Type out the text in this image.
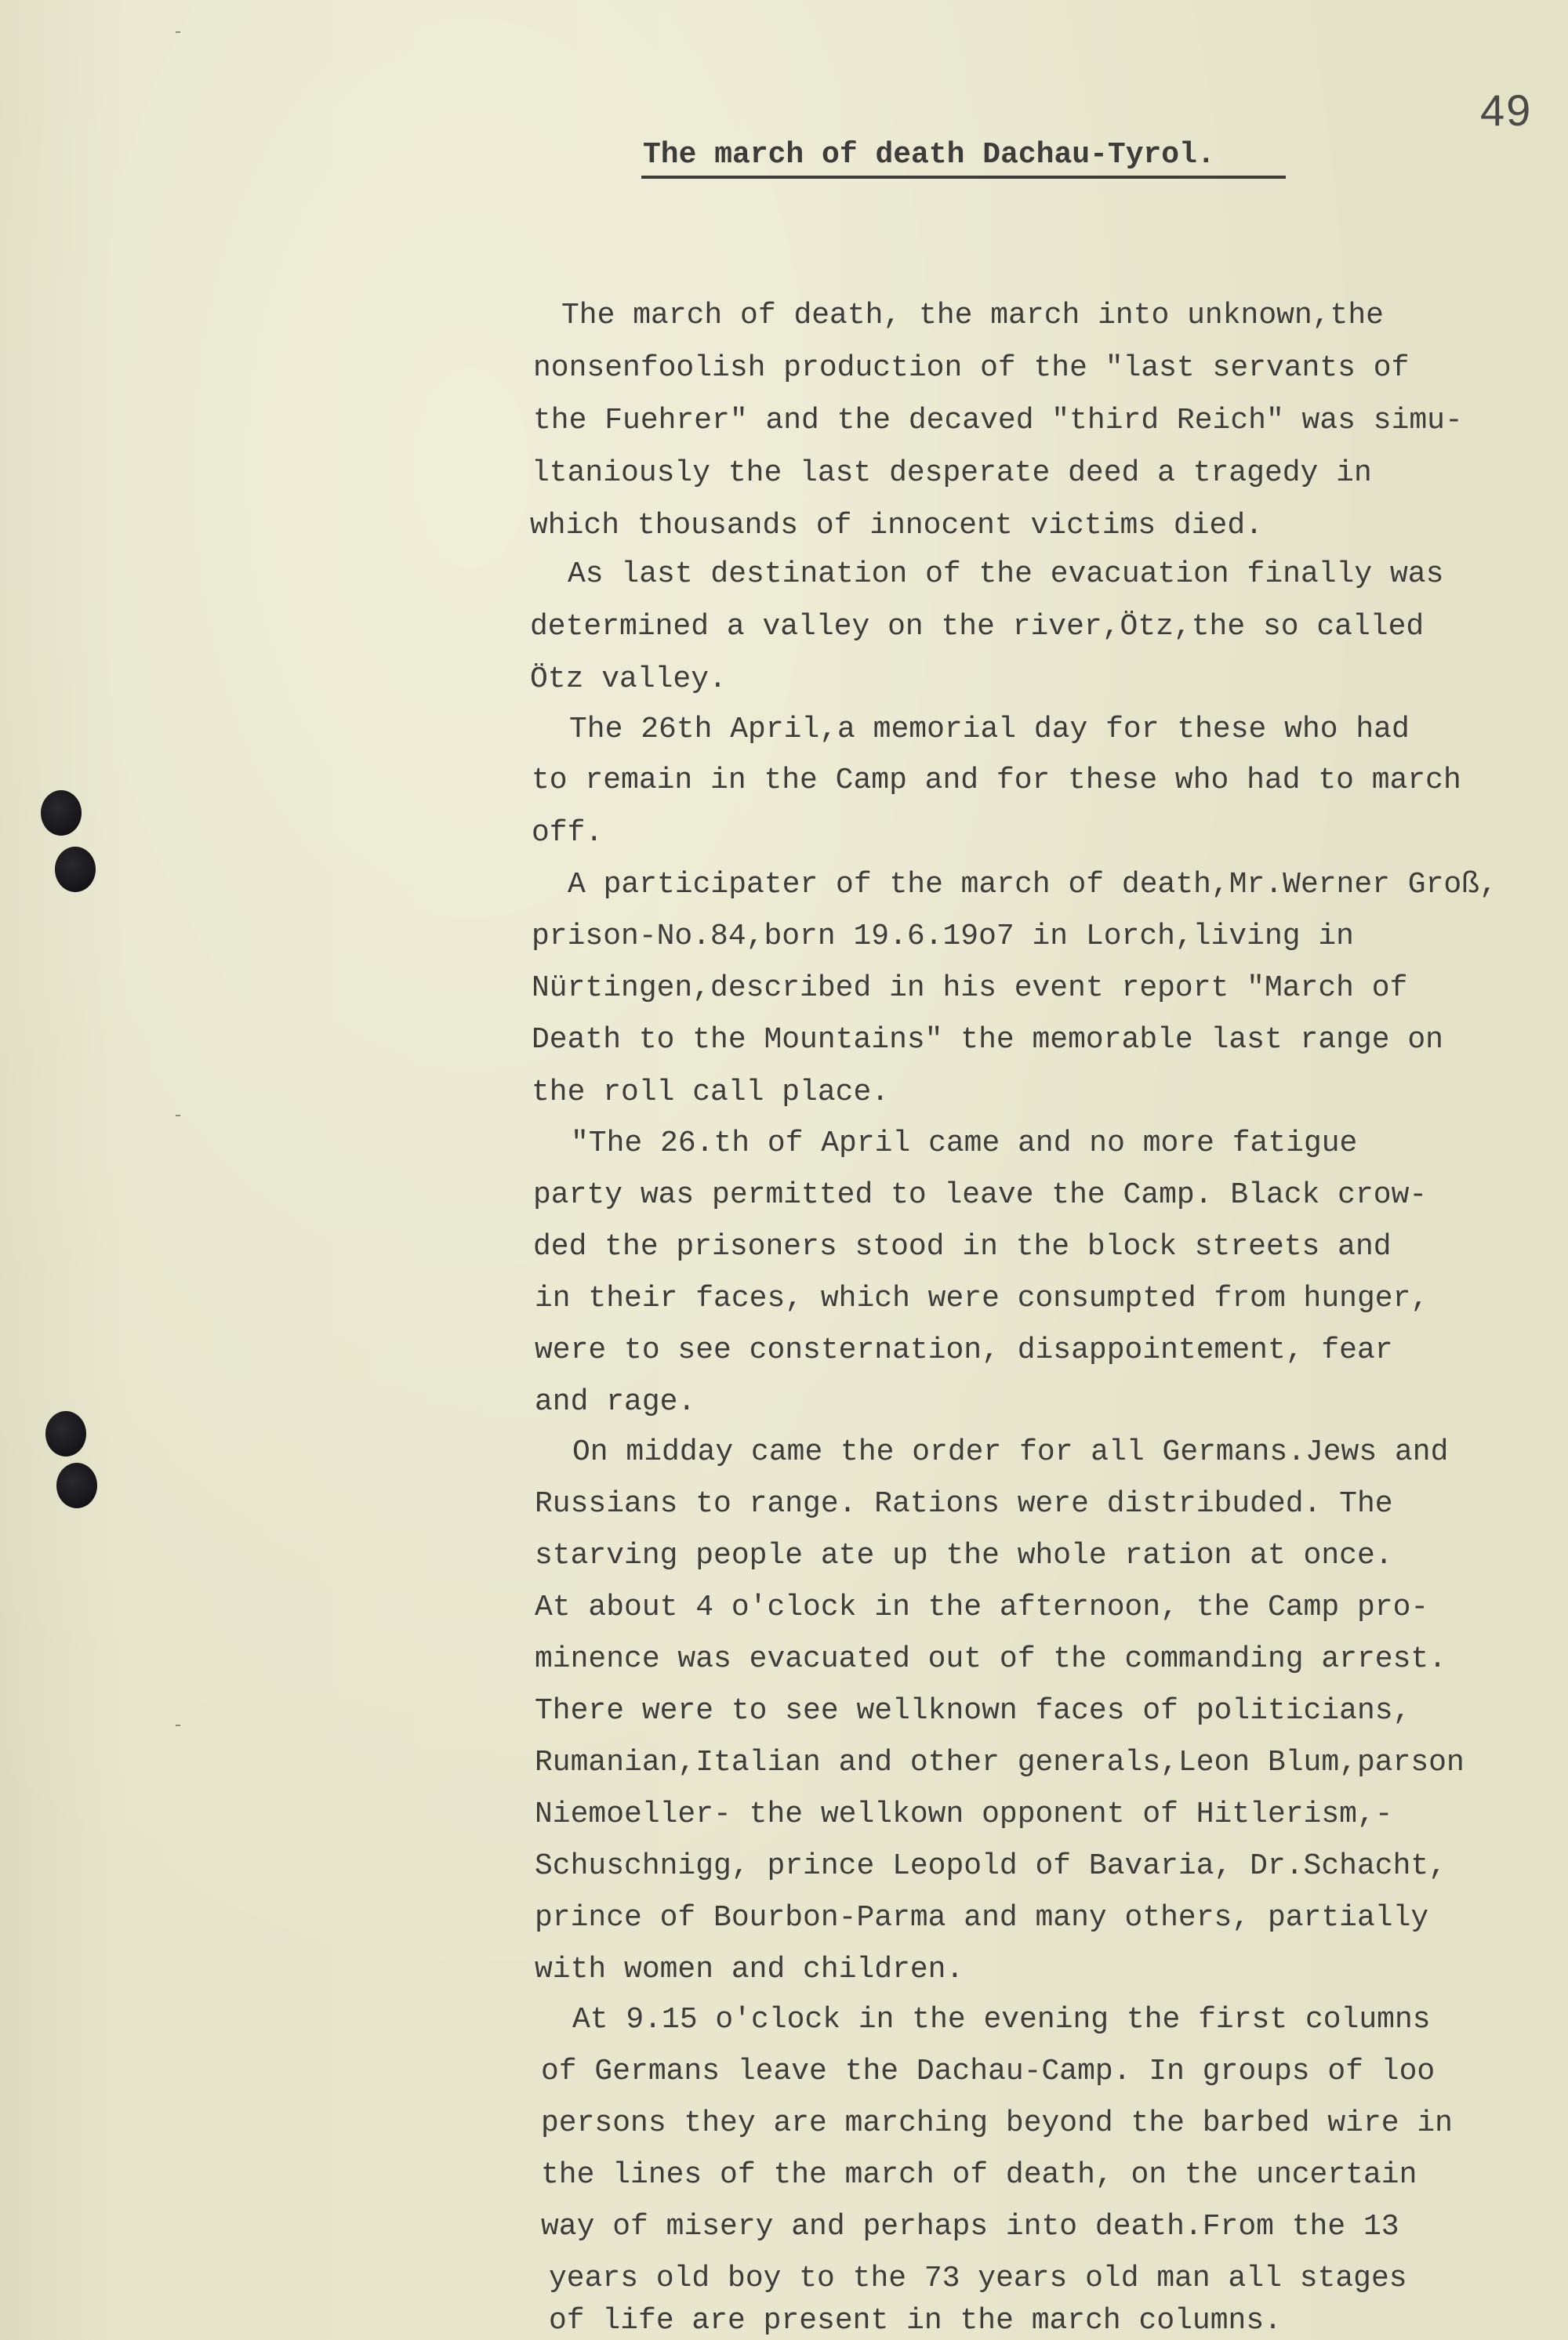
49
The march of death Dachau-Tyrol.
The march of death, the march into unknown,the
nonsenfoolish production of the "last servants of
the Fuehrer" and the decaved "third Reich" was simu-
ltaniously the last desperate deed a tragedy in
which thousands of innocent victims died.
As last destination of the evacuation finally was
determined a valley on the river,Ötz,the so called
Ötz valley.
The 26th April,a memorial day for these who had
to remain in the Camp and for these who had to march
off.
A participater of the march of death,Mr.Werner Groß,
prison-No.84,born 19.6.19o7 in Lorch,living in
Nürtingen,described in his event report "March of
Death to the Mountains" the memorable last range on
the roll call place.
"The 26.th of April came and no more fatigue
party was permitted to leave the Camp. Black crow-
ded the prisoners stood in the block streets and
in their faces, which were consumpted from hunger,
were to see consternation, disappointement, fear
and rage.
On midday came the order for all Germans.Jews and
Russians to range. Rations were distribuded. The
starving people ate up the whole ration at once.
At about 4 o'clock in the afternoon, the Camp pro-
minence was evacuated out of the commanding arrest.
There were to see wellknown faces of politicians,
Rumanian,Italian and other generals,Leon Blum,parson
Niemoeller- the wellkown opponent of Hitlerism,-
Schuschnigg, prince Leopold of Bavaria, Dr.Schacht,
prince of Bourbon-Parma and many others, partially
with women and children.
At 9.15 o'clock in the evening the first columns
of Germans leave the Dachau-Camp. In groups of loo
persons they are marching beyond the barbed wire in
the lines of the march of death, on the uncertain
way of misery and perhaps into death.From the 13
years old boy to the 73 years old man all stages
of life are present in the march columns.
